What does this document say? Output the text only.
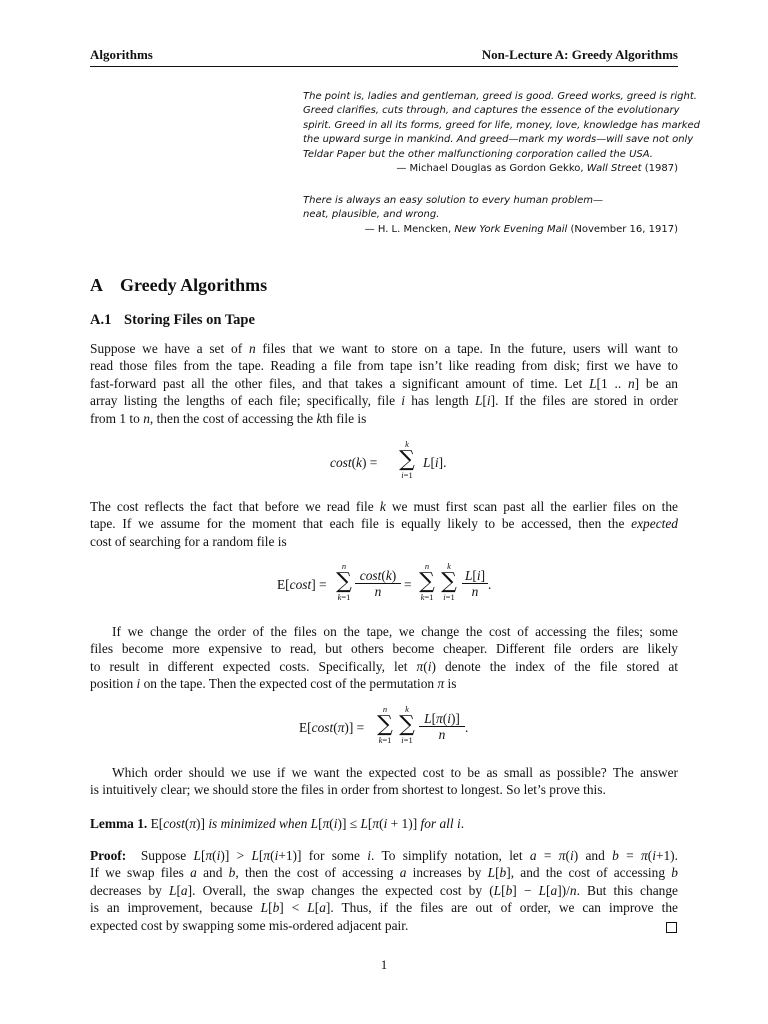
Algorithms	Non-Lecture A: Greedy Algorithms
The point is, ladies and gentleman, greed is good. Greed works, greed is right.
Greed clarifies, cuts through, and captures the essence of the evolutionary
spirit. Greed in all its forms, greed for life, money, love, knowledge has marked
the upward surge in mankind. And greed—mark my words—will save not only
Teldar Paper but the other malfunctioning corporation called the USA.
— Michael Douglas as Gordon Gekko, Wall Street (1987)
There is always an easy solution to every human problem—
neat, plausible, and wrong.
— H. L. Mencken, New York Evening Mail (November 16, 1917)
A Greedy Algorithms
A.1 Storing Files on Tape
Suppose we have a set of n files that we want to store on a tape. In the future, users will want to
read those files from the tape. Reading a file from tape isn’t like reading from disk; first we have to
fast-forward past all the other files, and that takes a significant amount of time. Let L[1 .. n] be an
array listing the lengths of each file; specifically, file i has length L[i]. If the files are stored in order
from 1 to n, then the cost of accessing the kth file is
cost(k) =
k
∑
i=1
L[i].
The cost reflects the fact that before we read file k we must first scan past all the earlier files on the
tape. If we assume for the moment that each file is equally likely to be accessed, then the expected
cost of searching for a random file is
E[cost] =
n
∑
$k=1 \frac{\cos t(k)}{n}$ =
n
∑
k=1
k
∑
$i=1 \frac{L[i]}{n}$ .
If we change the order of the files on the tape, we change the cost of accessing the files; some
files become more expensive to read, but others become cheaper. Different file orders are likely
to result in different expected costs. Specifically, let π(i) denote the index of the file stored at
position i on the tape. Then the expected cost of the permutation π is
E[cost(π)] =
n
∑
k=1
k
∑
$i=1 \frac{L[\pi(i)]}{n}$ .
Which order should we use if we want the expected cost to be as small as possible? The answer
is intuitively clear; we should store the files in order from shortest to longest. So let’s prove this.
Lemma 1. E[cost(π)] is minimized when L[π(i)] ≤ L[π(i + 1)] for all i.
Proof:  Suppose L[π(i)] > L[π(i+1)] for some i. To simplify notation, let a = π(i) and b = π(i+1).
If we swap files a and b, then the cost of accessing a increases by L[b], and the cost of accessing b
decreases by L[a]. Overall, the swap changes the expected cost by (L[b] − L[a])/n. But this change
is an improvement, because L[b] < L[a]. Thus, if the files are out of order, we can improve the
expected cost by swapping some mis-ordered adjacent pair.
1
